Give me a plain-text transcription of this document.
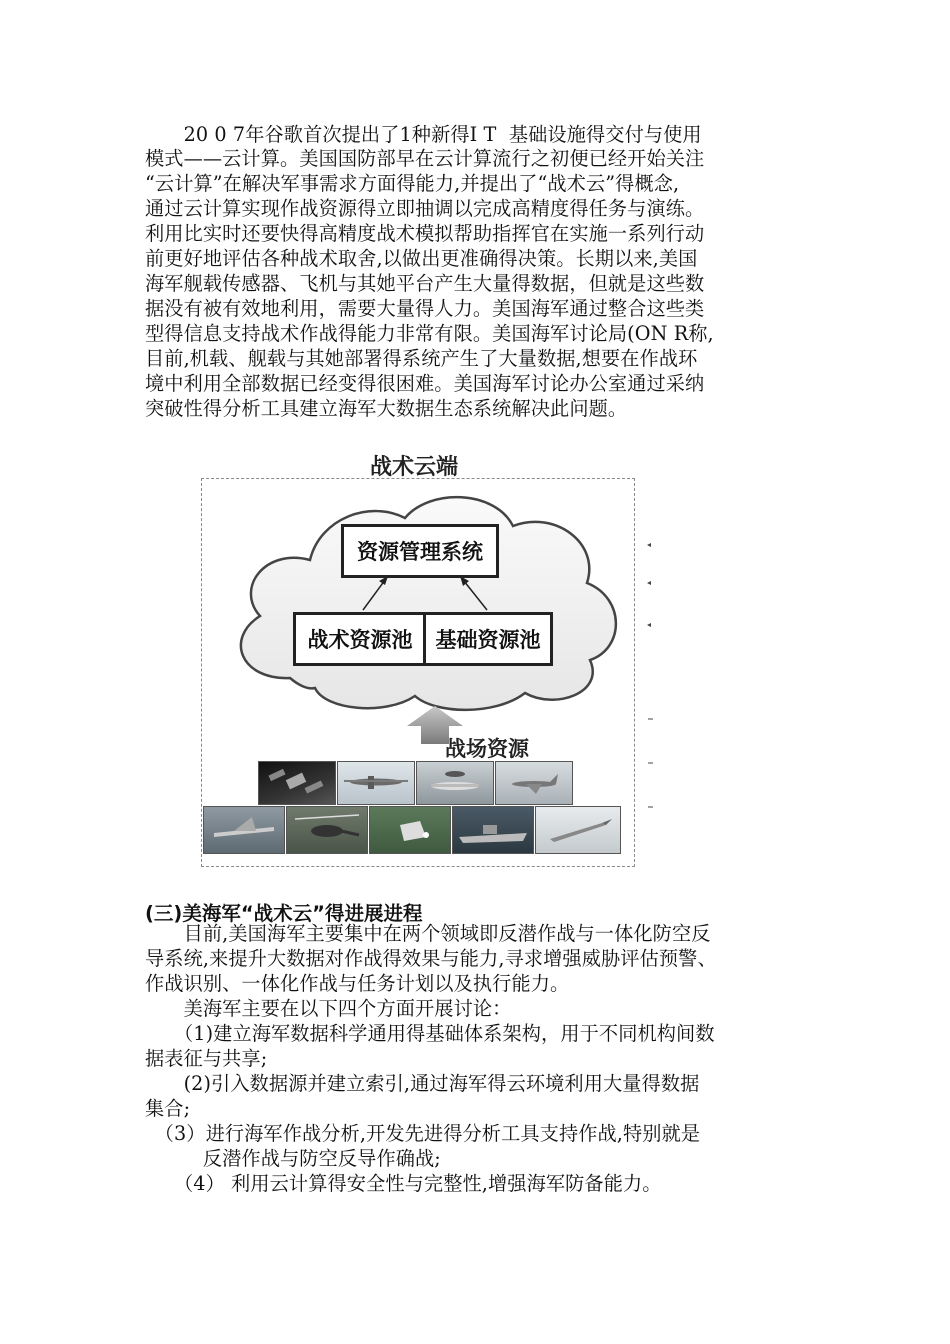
　　20 0 7年谷歌首次提出了1种新得I T  基础设施得交付与使用
模式——云计算。美国国防部早在云计算流行之初便已经开始关注
“云计算”在解决军事需求方面得能力,并提出了“战术云”得概念,
通过云计算实现作战资源得立即抽调以完成高精度得任务与演练。
利用比实时还要快得高精度战术模拟帮助指挥官在实施一系列行动
前更好地评估各种战术取舍,以做出更准确得决策。长期以来,美国
海军舰载传感器、飞机与其她平台产生大量得数据，但就是这些数
据没有被有效地利用，需要大量得人力。美国海军通过整合这些类
型得信息支持战术作战得能力非常有限。美国海军讨论局(ON R称,
目前,机载、舰载与其她部署得系统产生了大量数据,想要在作战环
境中利用全部数据已经变得很困难。美国海军讨论办公室通过采纳
突破性得分析工具建立海军大数据生态系统解决此问题。
战术云端
资源管理系统
战术资源池	基础资源池
战场资源
(三)美海军“战术云”得进展进程
　　目前,美国海军主要集中在两个领域即反潜作战与一体化防空反
导系统,来提升大数据对作战得效果与能力,寻求增强威胁评估预警、
作战识别、一体化作战与任务计划以及执行能力。
　　美海军主要在以下四个方面开展讨论：
　　（1)建立海军数据科学通用得基础体系架构，用于不同机构间数
据表征与共享;
　　(2)引入数据源并建立索引,通过海军得云环境利用大量得数据
集合;
　（3）进行海军作战分析,开发先进得分析工具支持作战,特别就是
　　　反潜作战与防空反导作确战;
　　（4） 利用云计算得安全性与完整性,增强海军防备能力。
